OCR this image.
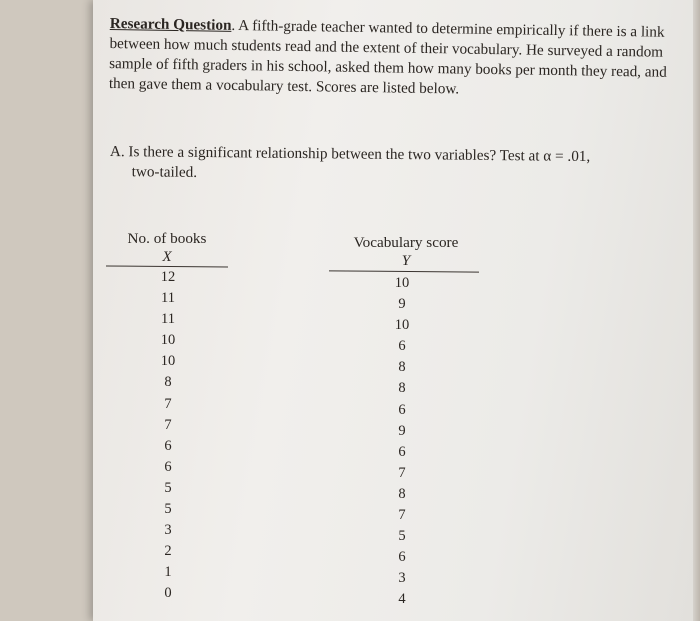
Research Question. A fifth-grade teacher wanted to determine empirically if there is a link between how much students read and the extent of their vocabulary. He surveyed a random sample of fifth graders in his school, asked them how many books per month they read, and then gave them a vocabulary test. Scores are listed below.
A. Is there a significant relationship between the two variables? Test at α = .01,
two-tailed.
No. of books
X
Vocabulary score
Y
12
11
11
10
10
8
7
7
6
6
5
5
3
2
1
0
10
9
10
6
8
8
6
9
6
7
8
7
5
6
3
4
